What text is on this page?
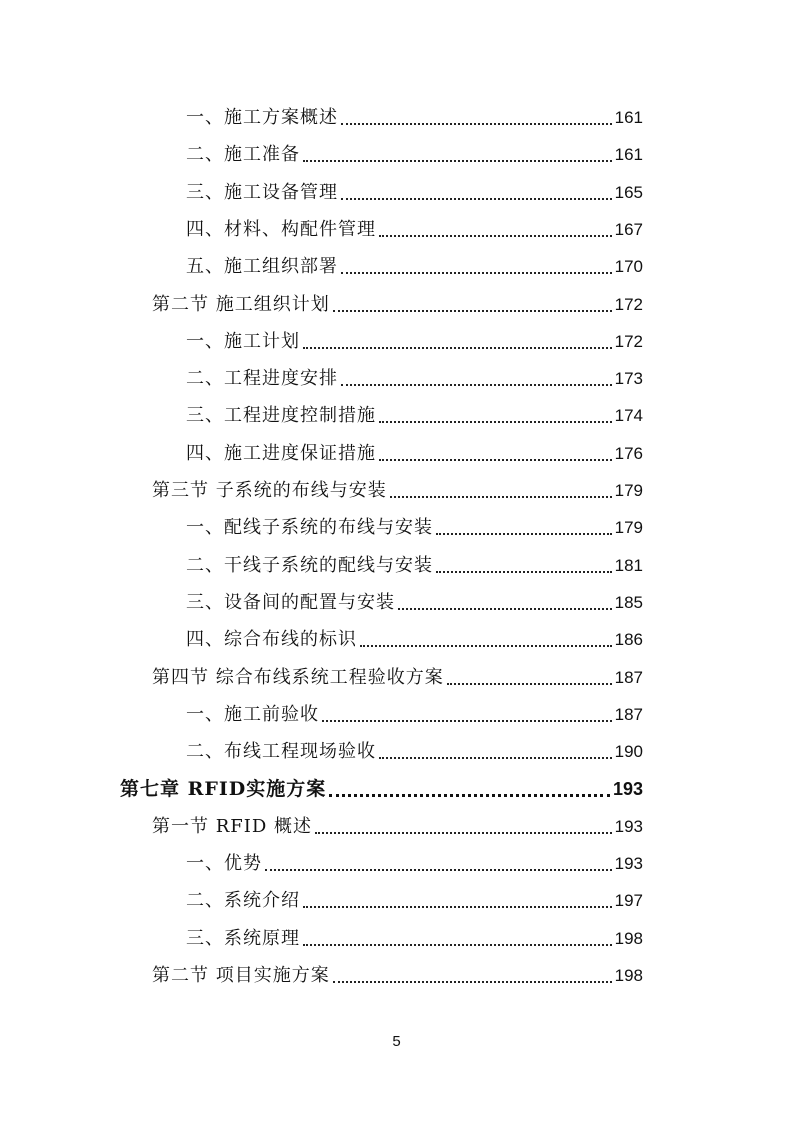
一、施工方案概述	161
二、施工准备	161
三、施工设备管理	165
四、材料、构配件管理	167
五、施工组织部署	170
第二节 施工组织计划	172
一、施工计划	172
二、工程进度安排	173
三、工程进度控制措施	174
四、施工进度保证措施	176
第三节 子系统的布线与安装	179
一、配线子系统的布线与安装	179
二、干线子系统的配线与安装	181
三、设备间的配置与安装	185
四、综合布线的标识	186
第四节 综合布线系统工程验收方案	187
一、施工前验收	187
二、布线工程现场验收	190
第七章 RFID实施方案	193
第一节 RFID 概述	193
一、优势	193
二、系统介绍	197
三、系统原理	198
第二节 项目实施方案	198
5
